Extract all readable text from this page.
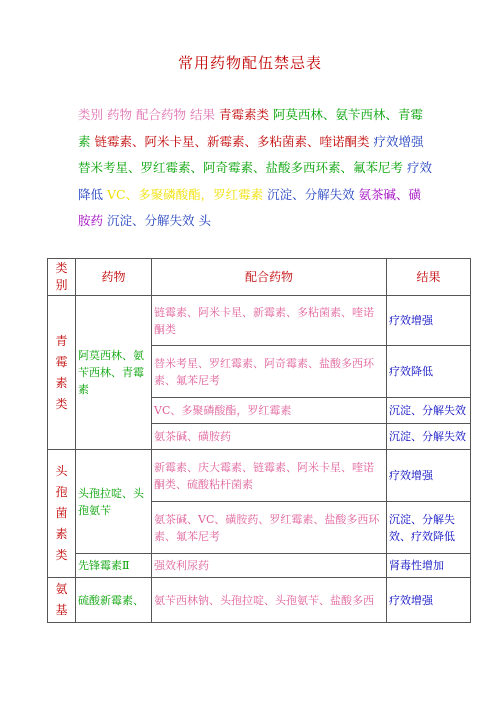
常用药物配伍禁忌表
类别 药物 配合药物 结果 青霉素类 阿莫西林、氨苄西林、青霉素 链霉素、阿米卡星、新霉素、多粘菌素、喹诺酮类 疗效增强 替米考星、罗红霉素、阿奇霉素、盐酸多西环素、氟苯尼考 疗效降低 VC、多聚磷酸酯，罗红霉素 沉淀、分解失效 氨茶碱、磺胺药 沉淀、分解失效 头
类别	药物	配合药物	结果
青霉素类	阿莫西林、氨苄西林、青霉素	链霉素、阿米卡星、新霉素、多粘菌素、喹诺酮类	疗效增强
		替米考星、罗红霉素、阿奇霉素、盐酸多西环素、氟苯尼考	疗效降低
		VC、多聚磷酸酯，罗红霉素	沉淀、分解失效
		氨茶碱、磺胺药	沉淀、分解失效
头孢菌素类	头孢拉啶、头孢氨苄	新霉素、庆大霉素、链霉素、阿米卡星、喹诺酮类、硫酸粘杆菌素	疗效增强
		氨茶碱、VC、磺胺药、罗红霉素、盐酸多西环素、氟苯尼考	沉淀、分解失效、疗效降低
	先锋霉素Ⅱ	强效利尿药	肾毒性增加
氨基	硫酸新霉素、	氨苄西林钠、头孢拉啶、头孢氨苄、盐酸多西	疗效增强
